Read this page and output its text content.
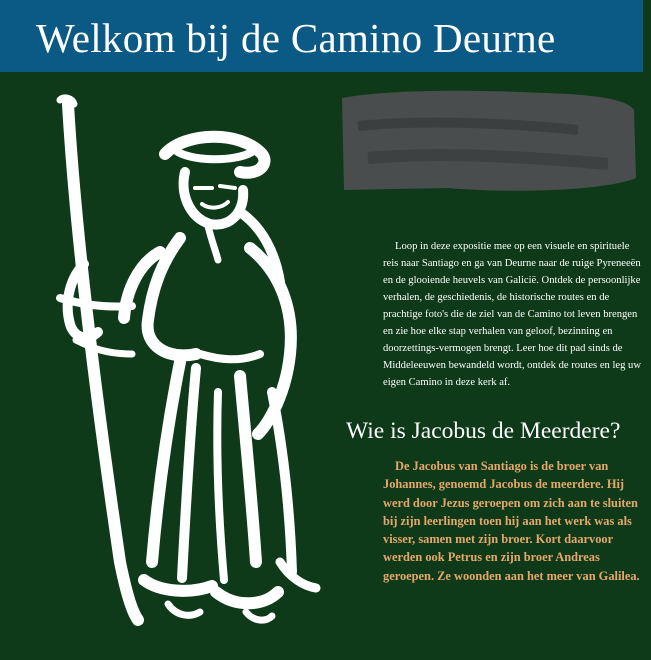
Welkom bij de Camino Deurne

Loop in deze expositie mee op een visuele en spirituele reis naar Santiago en ga van Deurne naar de ruige Pyreneeën en de glooiende heuvels van Galicië. Ontdek de persoonlijke verhalen, de geschiedenis, de historische routes en de prachtige foto's die de ziel van de Camino tot leven brengen en zie hoe elke stap verhalen van geloof, bezinning en doorzettings-vermogen brengt. Leer hoe dit pad sinds de Middeleeuwen bewandeld wordt, ontdek de routes en leg uw eigen Camino in deze kerk af.

Wie is Jacobus de Meerdere?

De Jacobus van Santiago is de broer van Johannes, genoemd Jacobus de meerdere. Hij werd door Jezus geroepen om zich aan te sluiten bij zijn leerlingen toen hij aan het werk was als visser, samen met zijn broer. Kort daarvoor werden ook Petrus en zijn broer Andreas geroepen. Ze woonden aan het meer van Galilea.
